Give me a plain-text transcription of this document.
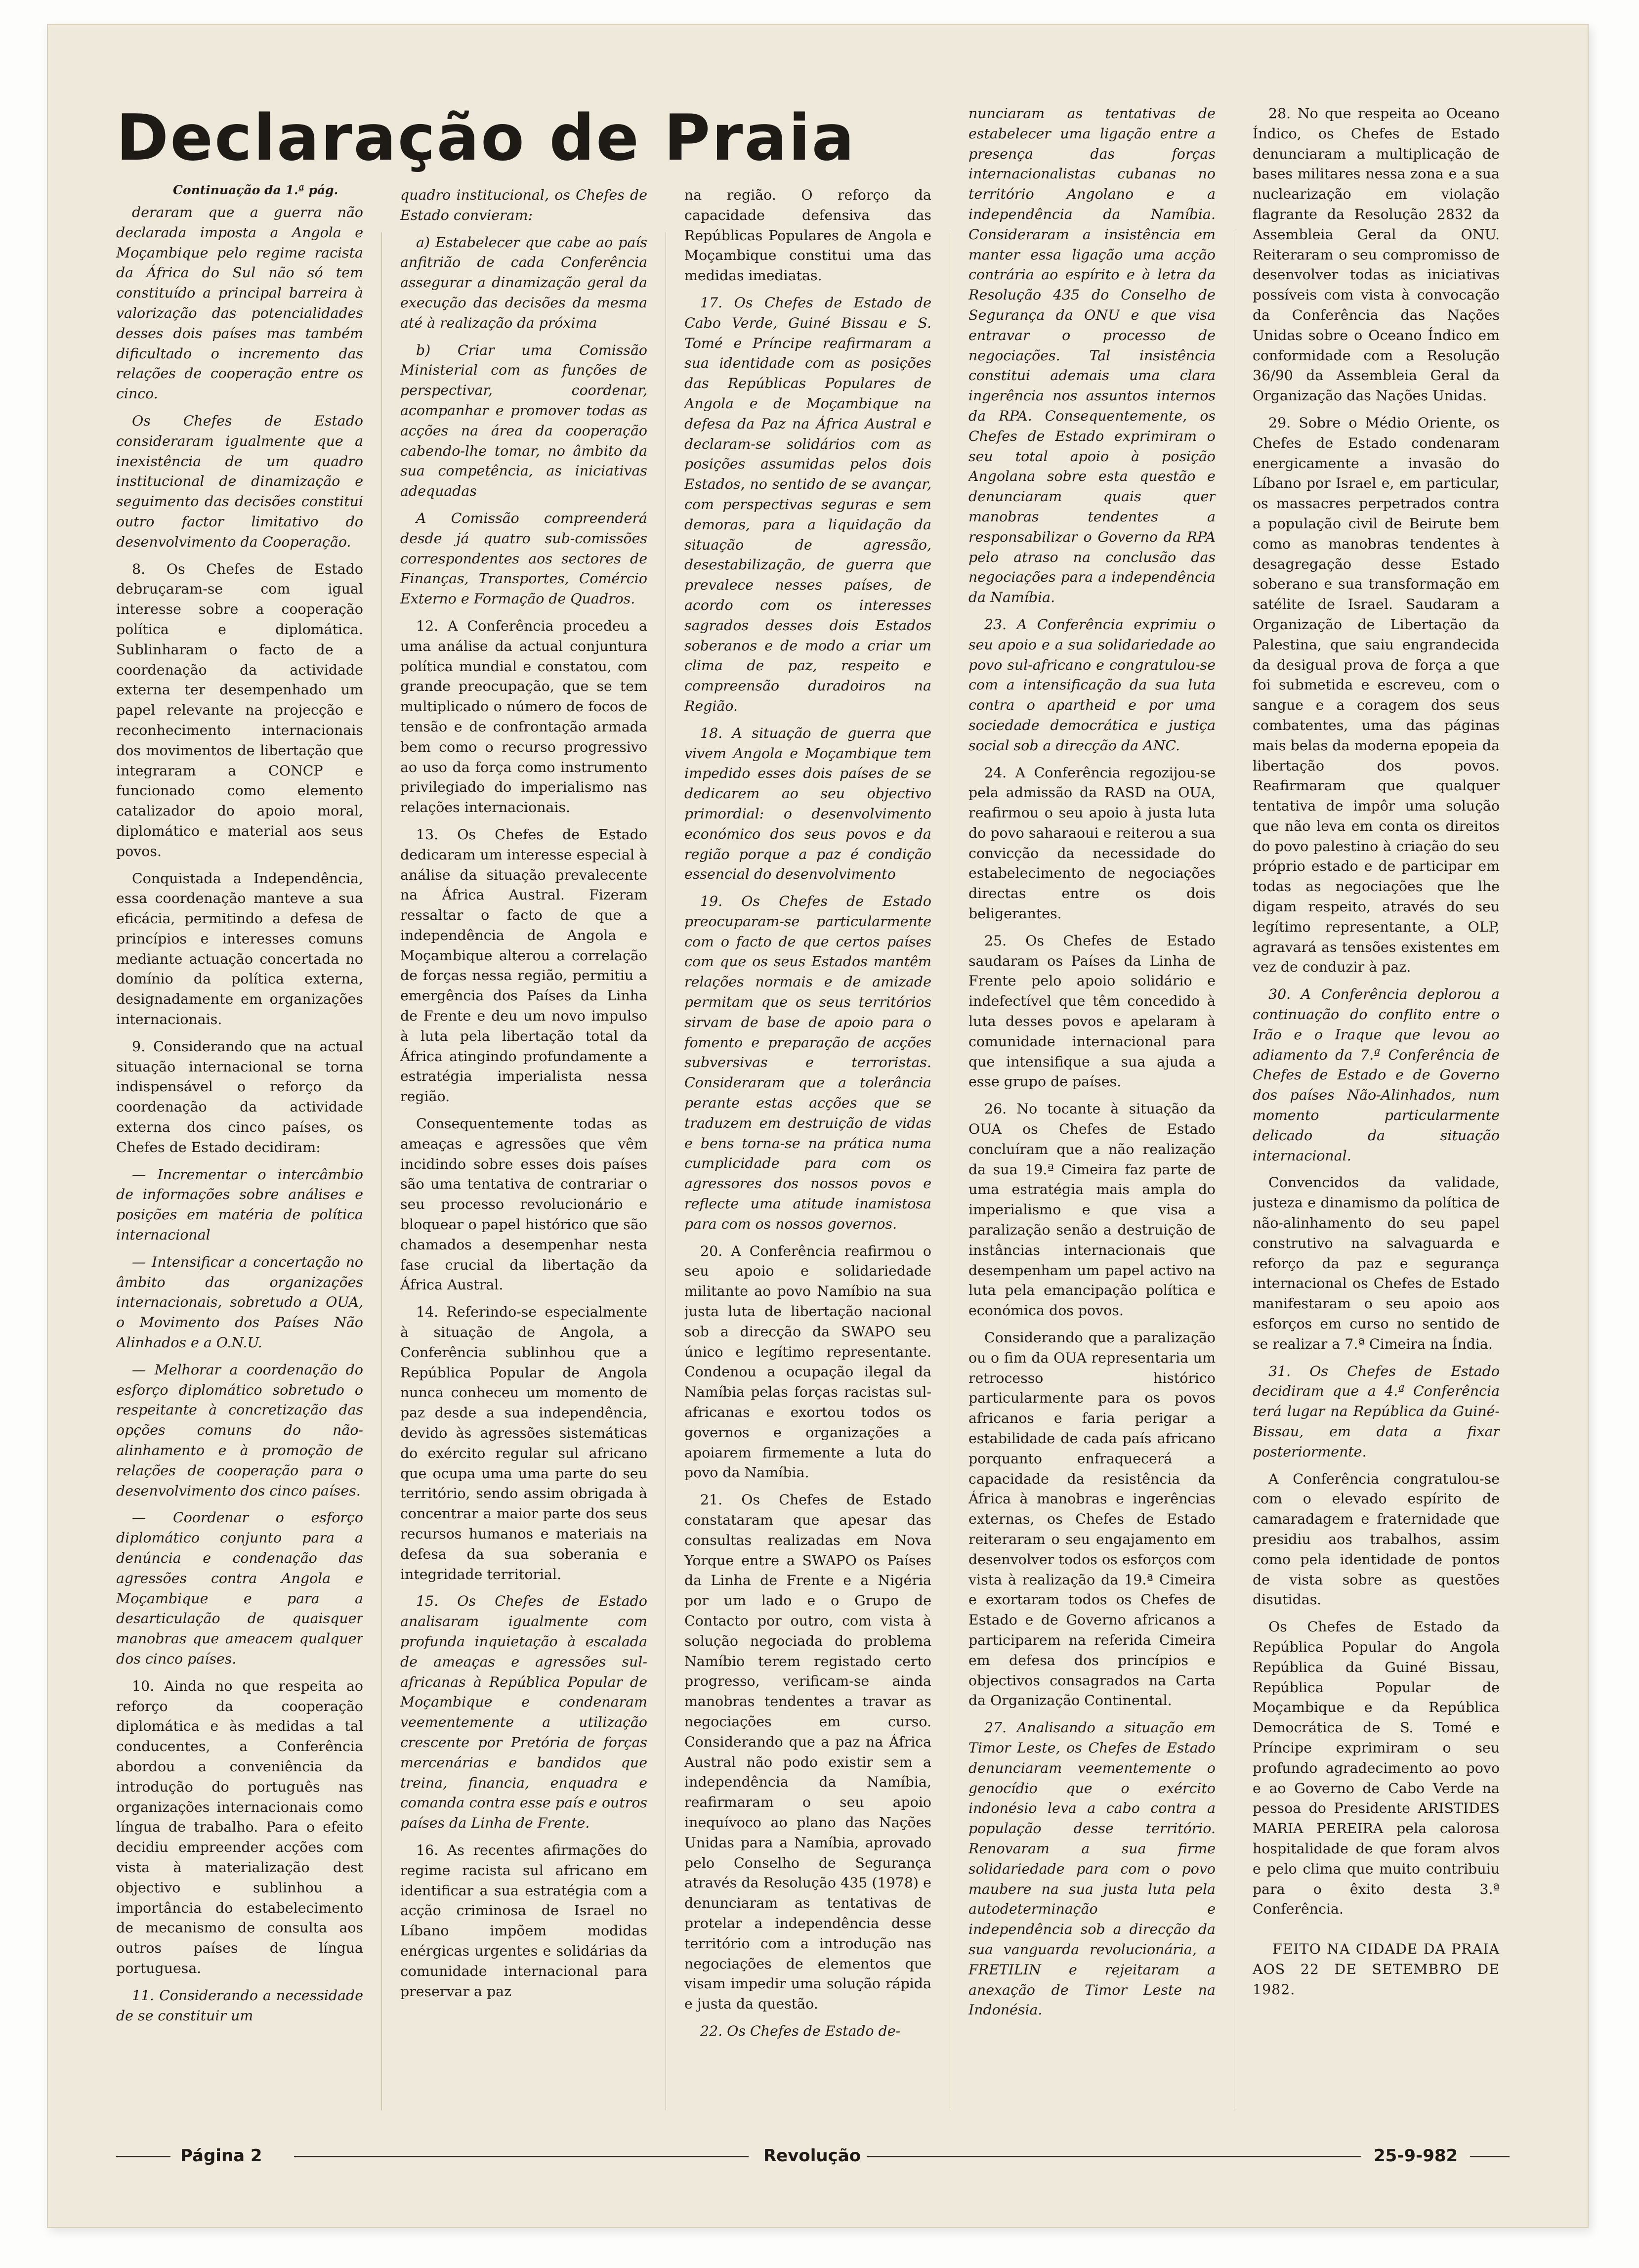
Declaração de Praia

Continuação da 1.ª pág.

deraram que a guerra não declarada imposta a Angola e Moçambique pelo regime racista da África do Sul não só tem constituído a principal barreira à valorização das potencialidades desses dois países mas também dificultado o incremento das relações de cooperação entre os cinco.

Os Chefes de Estado consideraram igualmente que a inexistência de um quadro institucional de dinamização e seguimento das decisões constitui outro factor limitativo do desenvolvimento da Cooperação.

8. Os Chefes de Estado debruçaram-se com igual interesse sobre a cooperação política e diplomática. Sublinharam o facto de a coordenação da actividade externa ter desempenhado um papel relevante na projecção e reconhecimento internacionais dos movimentos de libertação que integraram a CONCP e funcionado como elemento catalizador do apoio moral, diplomático e material aos seus povos.

Conquistada a Independência, essa coordenação manteve a sua eficácia, permitindo a defesa de princípios e interesses comuns mediante actuação concertada no domínio da política externa, designadamente em organizações internacionais.

9. Considerando que na actual situação internacional se torna indispensável o reforço da coordenação da actividade externa dos cinco países, os Chefes de Estado decidiram:

— Incrementar o intercâmbio de informações sobre análises e posições em matéria de política internacional

— Intensificar a concertação no âmbito das organizações internacionais, sobretudo a OUA, o Movimento dos Países Não Alinhados e a O.N.U.

— Melhorar a coordenação do esforço diplomático sobretudo o respeitante à concretização das opções comuns do não-alinhamento e à promoção de relações de cooperação para o desenvolvimento dos cinco países.

— Coordenar o esforço diplomático conjunto para a denúncia e condenação das agressões contra Angola e Moçambique e para a desarticulação de quaisquer manobras que ameacem qualquer dos cinco países.

10. Ainda no que respeita ao reforço da cooperação diplomática e às medidas a tal conducentes, a Conferência abordou a conveniência da introdução do português nas organizações internacionais como língua de trabalho. Para o efeito decidiu empreender acções com vista à materialização dest objectivo e sublinhou a importância do estabelecimento de mecanismo de consulta aos outros países de língua portuguesa.

11. Considerando a necessidade de se constituir um

quadro institucional, os Chefes de Estado convieram:

a) Estabelecer que cabe ao país anfitrião de cada Conferência assegurar a dinamização geral da execução das decisões da mesma até à realização da próxima

b) Criar uma Comissão Ministerial com as funções de perspectivar, coordenar, acompanhar e promover todas as acções na área da cooperação cabendo-lhe tomar, no âmbito da sua competência, as iniciativas adequadas

A Comissão compreenderá desde já quatro sub-comissões correspondentes aos sectores de Finanças, Transportes, Comércio Externo e Formação de Quadros.

12. A Conferência procedeu a uma análise da actual conjuntura política mundial e constatou, com grande preocupação, que se tem multiplicado o número de focos de tensão e de confrontação armada bem como o recurso progressivo ao uso da força como instrumento privilegiado do imperialismo nas relações internacionais.

13. Os Chefes de Estado dedicaram um interesse especial à análise da situação prevalecente na África Austral. Fizeram ressaltar o facto de que a independência de Angola e Moçambique alterou a correlação de forças nessa região, permitiu a emergência dos Países da Linha de Frente e deu um novo impulso à luta pela libertação total da África atingindo profundamente a estratégia imperialista nessa região.

Consequentemente todas as ameaças e agressões que vêm incidindo sobre esses dois países são uma tentativa de contrariar o seu processo revolucionário e bloquear o papel histórico que são chamados a desempenhar nesta fase crucial da libertação da África Austral.

14. Referindo-se especialmente à situação de Angola, a Conferência sublinhou que a República Popular de Angola nunca conheceu um momento de paz desde a sua independência, devido às agressões sistemáticas do exército regular sul africano que ocupa uma uma parte do seu território, sendo assim obrigada à concentrar a maior parte dos seus recursos humanos e materiais na defesa da sua soberania e integridade territorial.

15. Os Chefes de Estado analisaram igualmente com profunda inquietação à escalada de ameaças e agressões sul-africanas à República Popular de Moçambique e condenaram veementemente a utilização crescente por Pretória de forças mercenárias e bandidos que treina, financia, enquadra e comanda contra esse país e outros países da Linha de Frente.

16. As recentes afirmações do regime racista sul africano em identificar a sua estratégia com a acção criminosa de Israel no Líbano impõem modidas enérgicas urgentes e solidárias da comunidade internacional para preservar a paz

na região. O reforço da capacidade defensiva das Repúblicas Populares de Angola e Moçambique constitui uma das medidas imediatas.

17. Os Chefes de Estado de Cabo Verde, Guiné Bissau e S. Tomé e Príncipe reafirmaram a sua identidade com as posições das Repúblicas Populares de Angola e de Moçambique na defesa da Paz na África Austral e declaram-se solidários com as posições assumidas pelos dois Estados, no sentido de se avançar, com perspectivas seguras e sem demoras, para a liquidação da situação de agressão, desestabilização, de guerra que prevalece nesses países, de acordo com os interesses sagrados desses dois Estados soberanos e de modo a criar um clima de paz, respeito e compreensão duradoiros na Região.

18. A situação de guerra que vivem Angola e Moçambique tem impedido esses dois países de se dedicarem ao seu objectivo primordial: o desenvolvimento económico dos seus povos e da região porque a paz é condição essencial do desenvolvimento

19. Os Chefes de Estado preocuparam-se particularmente com o facto de que certos países com que os seus Estados mantêm relações normais e de amizade permitam que os seus territórios sirvam de base de apoio para o fomento e preparação de acções subversivas e terroristas. Consideraram que a tolerância perante estas acções que se traduzem em destruição de vidas e bens torna-se na prática numa cumplicidade para com os agressores dos nossos povos e reflecte uma atitude inamistosa para com os nossos governos.

20. A Conferência reafirmou o seu apoio e solidariedade militante ao povo Namíbio na sua justa luta de libertação nacional sob a direcção da SWAPO seu único e legítimo representante. Condenou a ocupação ilegal da Namíbia pelas forças racistas sul-africanas e exortou todos os governos e organizações a apoiarem firmemente a luta do povo da Namíbia.

21. Os Chefes de Estado constataram que apesar das consultas realizadas em Nova Yorque entre a SWAPO os Países da Linha de Frente e a Nigéria por um lado e o Grupo de Contacto por outro, com vista à solução negociada do problema Namíbio terem registado certo progresso, verificam-se ainda manobras tendentes a travar as negociações em curso. Considerando que a paz na África Austral não podo existir sem a independência da Namíbia, reafirmaram o seu apoio inequívoco ao plano das Nações Unidas para a Namíbia, aprovado pelo Conselho de Segurança através da Resolução 435 (1978) e denunciaram as tentativas de protelar a independência desse território com a introdução nas negociações de elementos que visam impedir uma solução rápida e justa da questão.

22. Os Chefes de Estado de-

nunciaram as tentativas de estabelecer uma ligação entre a presença das forças internacionalistas cubanas no território Angolano e a independência da Namíbia. Consideraram a insistência em manter essa ligação uma acção contrária ao espírito e à letra da Resolução 435 do Conselho de Segurança da ONU e que visa entravar o processo de negociações. Tal insistência constitui ademais uma clara ingerência nos assuntos internos da RPA. Consequentemente, os Chefes de Estado exprimiram o seu total apoio à posição Angolana sobre esta questão e denunciaram quais quer manobras tendentes a responsabilizar o Governo da RPA pelo atraso na conclusão das negociações para a independência da Namíbia.

23. A Conferência exprimiu o seu apoio e a sua solidariedade ao povo sul-africano e congratulou-se com a intensificação da sua luta contra o apartheid e por uma sociedade democrática e justiça social sob a direcção da ANC.

24. A Conferência regozijou-se pela admissão da RASD na OUA, reafirmou o seu apoio à justa luta do povo saharaoui e reiterou a sua convicção da necessidade do estabelecimento de negociações directas entre os dois beligerantes.

25. Os Chefes de Estado saudaram os Países da Linha de Frente pelo apoio solidário e indefectível que têm concedido à luta desses povos e apelaram à comunidade internacional para que intensifique a sua ajuda a esse grupo de países.

26. No tocante à situação da OUA os Chefes de Estado concluíram que a não realização da sua 19.ª Cimeira faz parte de uma estratégia mais ampla do imperialismo e que visa a paralização senão a destruição de instâncias internacionais que desempenham um papel activo na luta pela emancipação política e económica dos povos.

Considerando que a paralização ou o fim da OUA representaria um retrocesso histórico particularmente para os povos africanos e faria perigar a estabilidade de cada país africano porquanto enfraquecerá a capacidade da resistência da África à manobras e ingerências externas, os Chefes de Estado reiteraram o seu engajamento em desenvolver todos os esforços com vista à realização da 19.ª Cimeira e exortaram todos os Chefes de Estado e de Governo africanos a participarem na referida Cimeira em defesa dos princípios e objectivos consagrados na Carta da Organização Continental.

27. Analisando a situação em Timor Leste, os Chefes de Estado denunciaram veementemente o genocídio que o exército indonésio leva a cabo contra a população desse território. Renovaram a sua firme solidariedade para com o povo maubere na sua justa luta pela autodeterminação e independência sob a direcção da sua vanguarda revolucionária, a FRETILIN e rejeitaram a anexação de Timor Leste na Indonésia.

28. No que respeita ao Oceano Índico, os Chefes de Estado denunciaram a multiplicação de bases militares nessa zona e a sua nuclearização em violação flagrante da Resolução 2832 da Assembleia Geral da ONU. Reiteraram o seu compromisso de desenvolver todas as iniciativas possíveis com vista à convocação da Conferência das Nações Unidas sobre o Oceano Índico em conformidade com a Resolução 36/90 da Assembleia Geral da Organização das Nações Unidas.

29. Sobre o Médio Oriente, os Chefes de Estado condenaram energicamente a invasão do Líbano por Israel e, em particular, os massacres perpetrados contra a população civil de Beirute bem como as manobras tendentes à desagregação desse Estado soberano e sua transformação em satélite de Israel. Saudaram a Organização de Libertação da Palestina, que saiu engrandecida da desigual prova de força a que foi submetida e escreveu, com o sangue e a coragem dos seus combatentes, uma das páginas mais belas da moderna epopeia da libertação dos povos. Reafirmaram que qualquer tentativa de impôr uma solução que não leva em conta os direitos do povo palestino à criação do seu próprio estado e de participar em todas as negociações que lhe digam respeito, através do seu legítimo representante, a OLP, agravará as tensões existentes em vez de conduzir à paz.

30. A Conferência deplorou a continuação do conflito entre o Irão e o Iraque que levou ao adiamento da 7.ª Conferência de Chefes de Estado e de Governo dos países Não-Alinhados, num momento particularmente delicado da situação internacional.

Convencidos da validade, justeza e dinamismo da política de não-alinhamento do seu papel construtivo na salvaguarda e reforço da paz e segurança internacional os Chefes de Estado manifestaram o seu apoio aos esforços em curso no sentido de se realizar a 7.ª Cimeira na Índia.

31. Os Chefes de Estado decidiram que a 4.ª Conferência terá lugar na República da Guiné-Bissau, em data a fixar posteriormente.

A Conferência congratulou-se com o elevado espírito de camaradagem e fraternidade que presidiu aos trabalhos, assim como pela identidade de pontos de vista sobre as questões disutidas.

Os Chefes de Estado da República Popular do Angola República da Guiné Bissau, República Popular de Moçambique e da República Democrática de S. Tomé e Príncipe exprimiram o seu profundo agradecimento ao povo e ao Governo de Cabo Verde na pessoa do Presidente ARISTIDES MARIA PEREIRA pela calorosa hospitalidade de que foram alvos e pelo clima que muito contribuiu para o êxito desta 3.ª Conferência.

FEITO NA CIDADE DA PRAIA AOS 22 DE SETEMBRO DE 1982.

Página 2	Revolução	25-9-982
